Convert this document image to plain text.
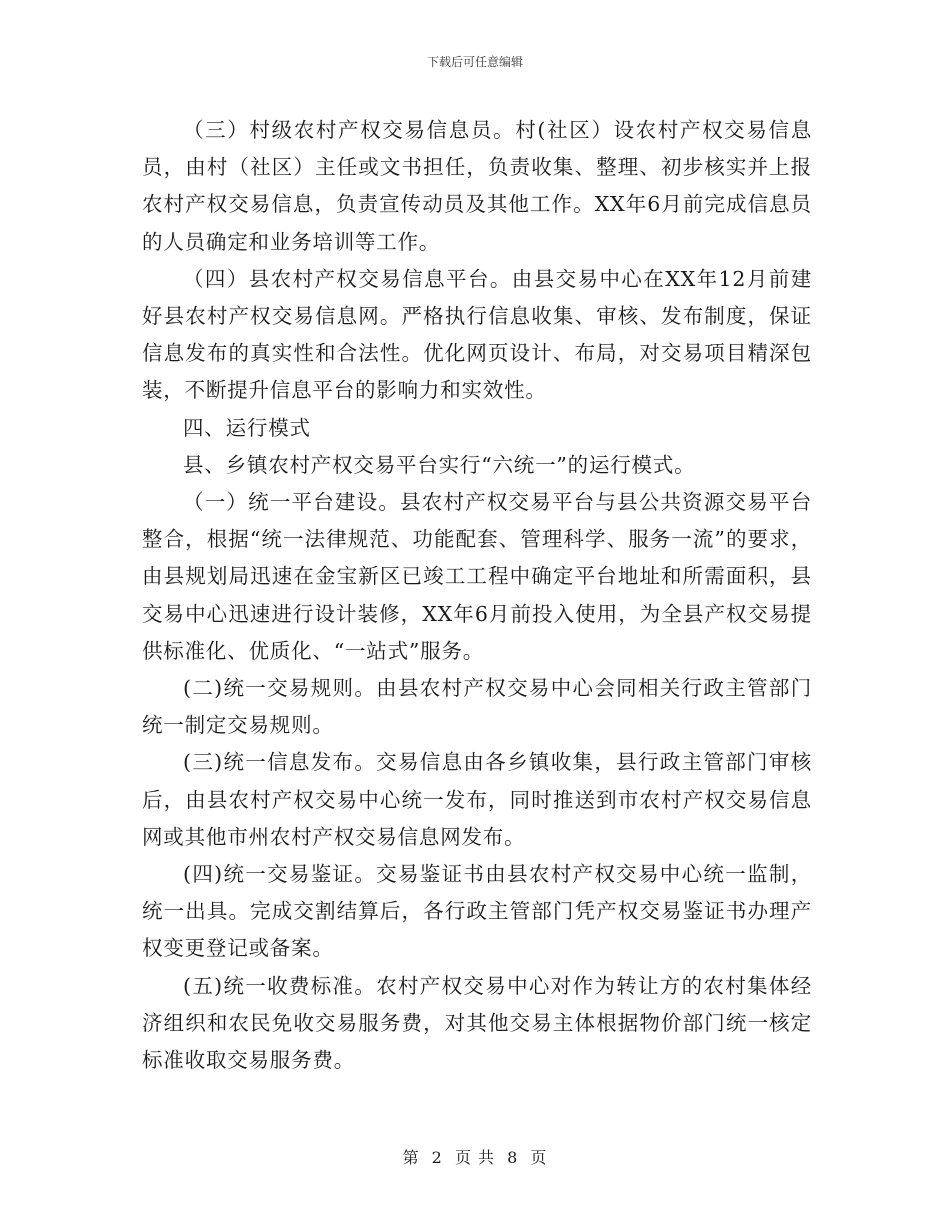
下载后可任意编辑

（三）村级农村产权交易信息员。村(社区）设农村产权交易信息员，由村（社区）主任或文书担任，负责收集、整理、初步核实并上报农村产权交易信息，负责宣传动员及其他工作。XX年6月前完成信息员的人员确定和业务培训等工作。

（四）县农村产权交易信息平台。由县交易中心在XX年12月前建好县农村产权交易信息网。严格执行信息收集、审核、发布制度，保证信息发布的真实性和合法性。优化网页设计、布局，对交易项目精深包装，不断提升信息平台的影响力和实效性。

四、运行模式

县、乡镇农村产权交易平台实行“六统一”的运行模式。

（一）统一平台建设。县农村产权交易平台与县公共资源交易平台整合，根据“统一法律规范、功能配套、管理科学、服务一流”的要求，由县规划局迅速在金宝新区已竣工工程中确定平台地址和所需面积，县交易中心迅速进行设计装修，XX年6月前投入使用，为全县产权交易提供标准化、优质化、“一站式”服务。

(二)统一交易规则。由县农村产权交易中心会同相关行政主管部门统一制定交易规则。

(三)统一信息发布。交易信息由各乡镇收集，县行政主管部门审核后，由县农村产权交易中心统一发布，同时推送到市农村产权交易信息网或其他市州农村产权交易信息网发布。

(四)统一交易鉴证。交易鉴证书由县农村产权交易中心统一监制，统一出具。完成交割结算后，各行政主管部门凭产权交易鉴证书办理产权变更登记或备案。

(五)统一收费标准。农村产权交易中心对作为转让方的农村集体经济组织和农民免收交易服务费，对其他交易主体根据物价部门统一核定标准收取交易服务费。

第 2 页 共 8 页
